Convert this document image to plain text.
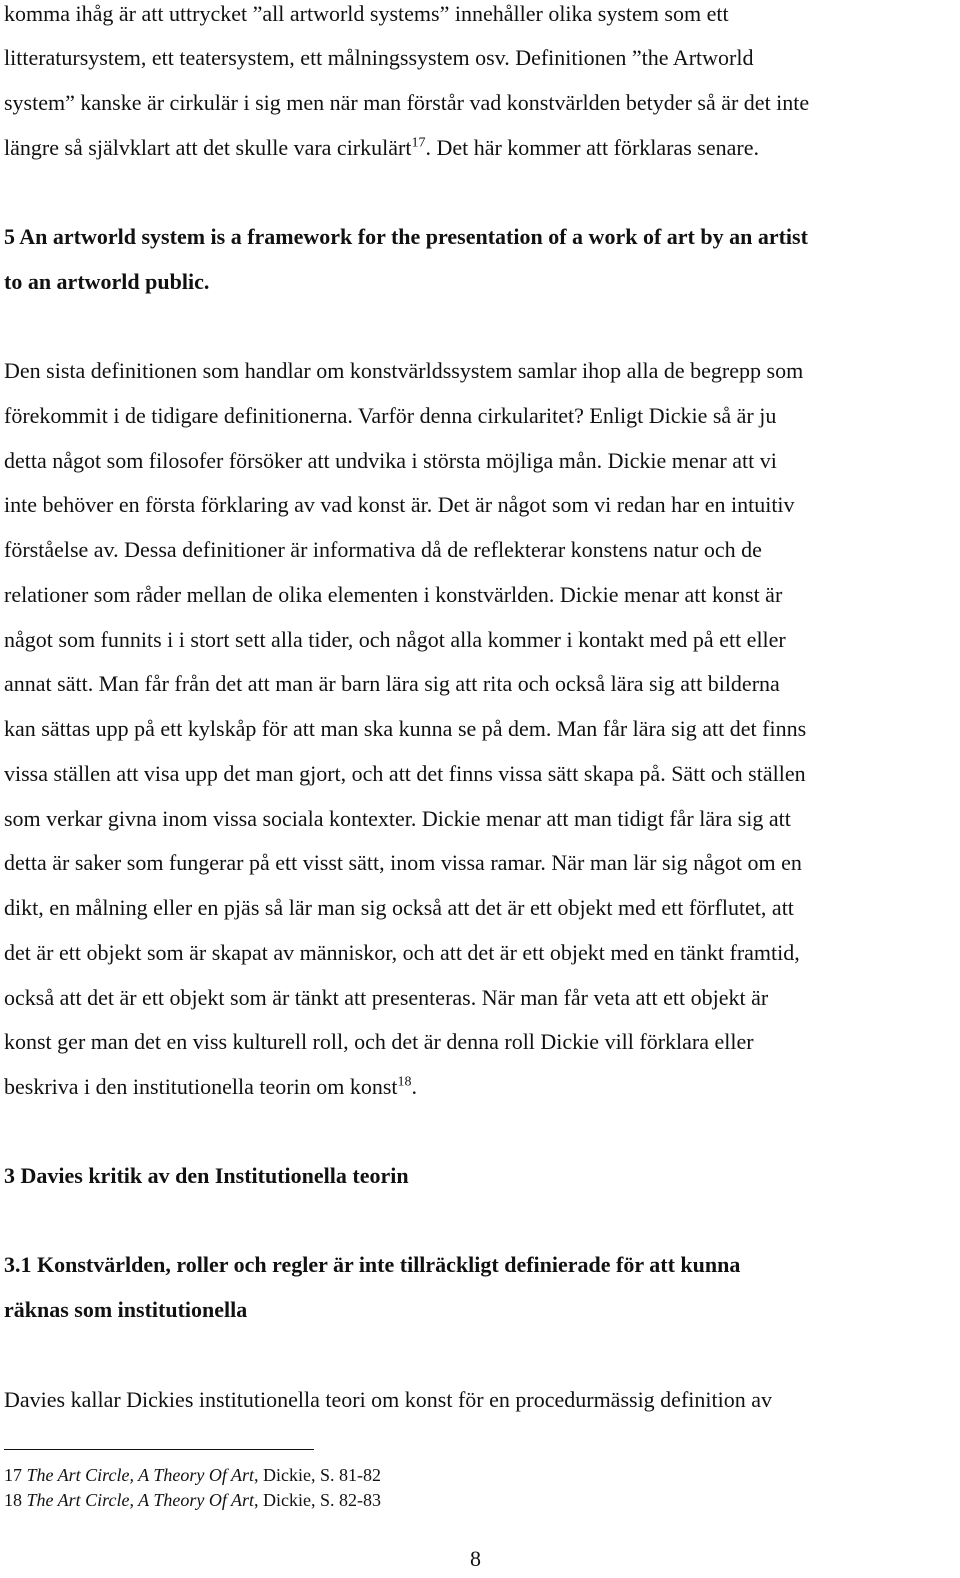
komma ihåg är att uttrycket ”all artworld systems” innehåller olika system som ett
litteratursystem, ett teatersystem, ett målningssystem osv. Definitionen ”the Artworld
system” kanske är cirkulär i sig men när man förstår vad konstvärlden betyder så är det inte
längre så självklart att det skulle vara cirkulärt$^{17}$. Det här kommer att förklaras senare.
5 An artworld system is a framework for the presentation of a work of art by an artist
to an artworld public.
Den sista definitionen som handlar om konstvärldssystem samlar ihop alla de begrepp som
förekommit i de tidigare definitionerna. Varför denna cirkularitet? Enligt Dickie så är ju
detta något som filosofer försöker att undvika i största möjliga mån. Dickie menar att vi
inte behöver en första förklaring av vad konst är. Det är något som vi redan har en intuitiv
förståelse av. Dessa definitioner är informativa då de reflekterar konstens natur och de
relationer som råder mellan de olika elementen i konstvärlden. Dickie menar att konst är
något som funnits i i stort sett alla tider, och något alla kommer i kontakt med på ett eller
annat sätt. Man får från det att man är barn lära sig att rita och också lära sig att bilderna
kan sättas upp på ett kylskåp för att man ska kunna se på dem. Man får lära sig att det finns
vissa ställen att visa upp det man gjort, och att det finns vissa sätt skapa på. Sätt och ställen
som verkar givna inom vissa sociala kontexter. Dickie menar att man tidigt får lära sig att
detta är saker som fungerar på ett visst sätt, inom vissa ramar. När man lär sig något om en
dikt, en målning eller en pjäs så lär man sig också att det är ett objekt med ett förflutet, att
det är ett objekt som är skapat av människor, och att det är ett objekt med en tänkt framtid,
också att det är ett objekt som är tänkt att presenteras. När man får veta att ett objekt är
konst ger man det en viss kulturell roll, och det är denna roll Dickie vill förklara eller
beskriva i den institutionella teorin om konst$^{18}$.
3 Davies kritik av den Institutionella teorin
3.1 Konstvärlden, roller och regler är inte tillräckligt definierade för att kunna
räknas som institutionella
Davies kallar Dickies institutionella teori om konst för en procedurmässig definition av
17 The Art Circle, A Theory Of Art, Dickie, S. 81-82
18 The Art Circle, A Theory Of Art, Dickie, S. 82-83
8
